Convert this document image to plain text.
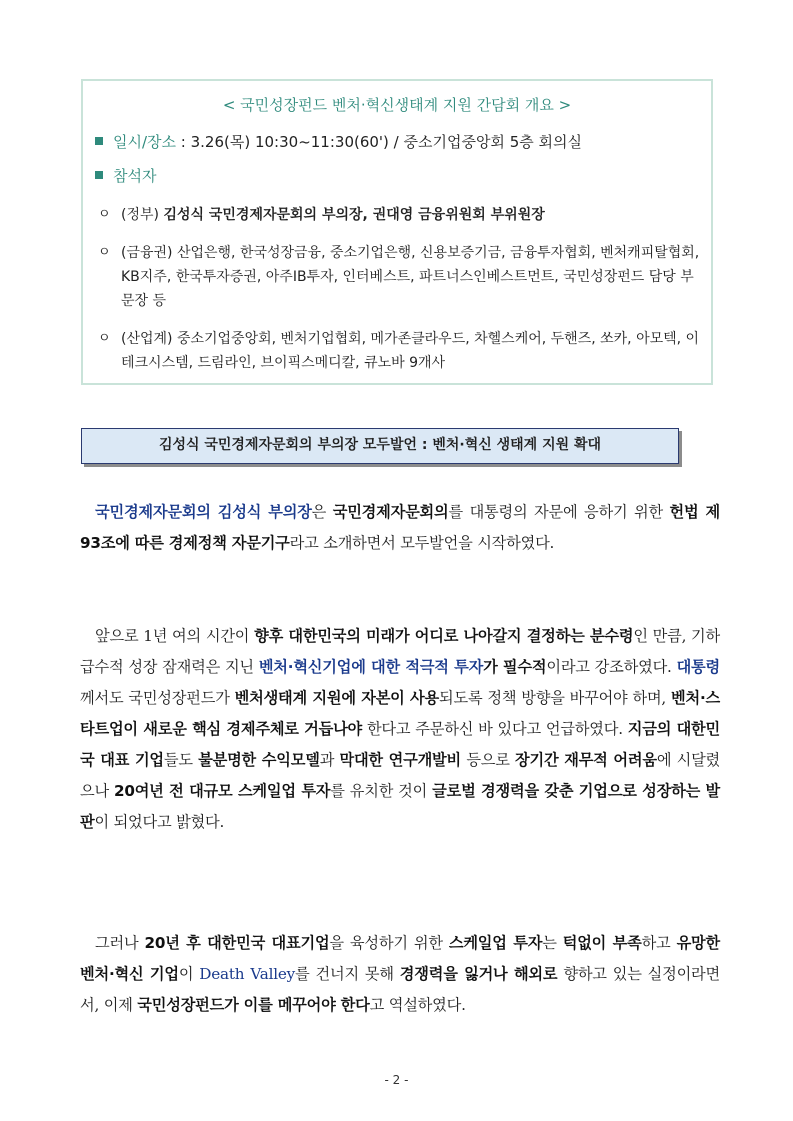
< 국민성장펀드 벤처·혁신생태계 지원 간담회 개요 >
일시/장소 : 3.26(목) 10:30~11:30(60') / 중소기업중앙회 5층 회의실
참석자
ㅇ (정부) 김성식 국민경제자문회의 부의장, 권대영 금융위원회 부위원장
ㅇ (금융권) 산업은행, 한국성장금융, 중소기업은행, 신용보증기금, 금융투자협회, 벤처캐피탈협회, KB지주, 한국투자증권, 아주IB투자, 인터베스트, 파트너스인베스트먼트, 국민성장펀드 담당 부문장 등
ㅇ (산업계) 중소기업중앙회, 벤처기업협회, 메가존클라우드, 차헬스케어, 두핸즈, 쏘카, 아모텍, 이테크시스템, 드림라인, 브이픽스메디칼, 큐노바 9개사
김성식 국민경제자문회의 부의장 모두발언 : 벤처·혁신 생태계 지원 확대
국민경제자문회의 김성식 부의장은 국민경제자문회의를 대통령의 자문에 응하기 위한 헌법 제93조에 따른 경제정책 자문기구라고 소개하면서 모두발언을 시작하였다.
앞으로 1년 여의 시간이 향후 대한민국의 미래가 어디로 나아갈지 결정하는 분수령인 만큼, 기하급수적 성장 잠재력은 지닌 벤처·혁신기업에 대한 적극적 투자가 필수적이라고 강조하였다. 대통령께서도 국민성장펀드가 벤처생태계 지원에 자본이 사용되도록 정책 방향을 바꾸어야 하며, 벤처·스타트업이 새로운 핵심 경제주체로 거듭나야 한다고 주문하신 바 있다고 언급하였다. 지금의 대한민국 대표 기업들도 불분명한 수익모델과 막대한 연구개발비 등으로 장기간 재무적 어려움에 시달렸으나 20여년 전 대규모 스케일업 투자를 유치한 것이 글로벌 경쟁력을 갖춘 기업으로 성장하는 발판이 되었다고 밝혔다.
그러나 20년 후 대한민국 대표기업을 육성하기 위한 스케일업 투자는 턱없이 부족하고 유망한 벤처·혁신 기업이 Death Valley를 건너지 못해 경쟁력을 잃거나 해외로 향하고 있는 실정이라면서, 이제 국민성장펀드가 이를 메꾸어야 한다고 역설하였다.
- 2 -
